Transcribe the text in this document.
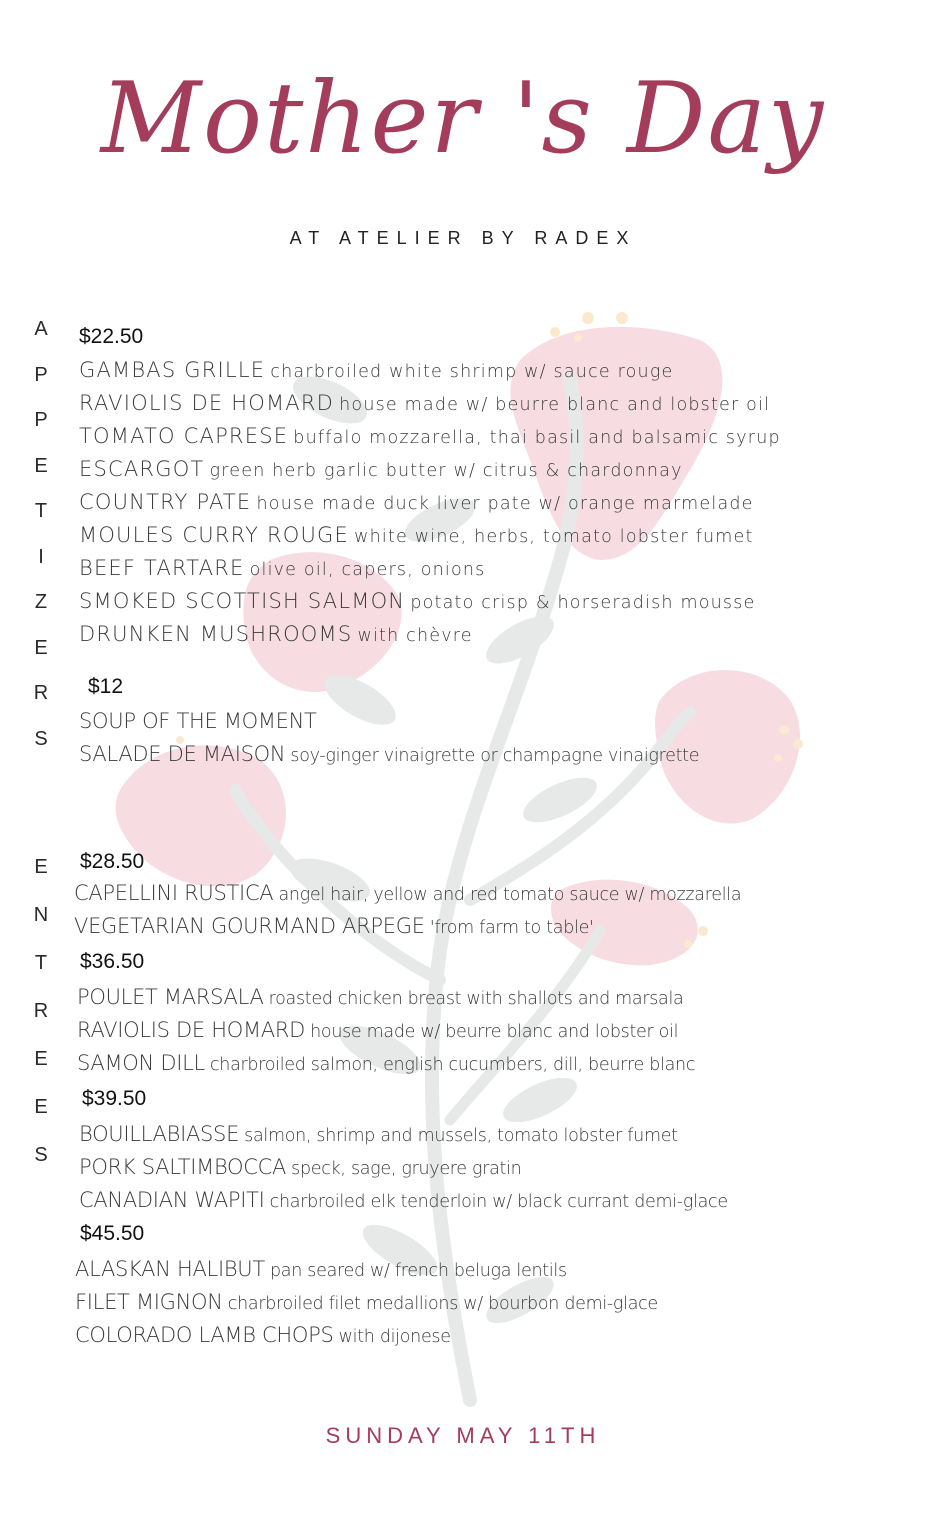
Mother 's Day
AT ATELIER BY RADEX
A
P
P
E
T
I
Z
E
R
S
E
N
T
R
E
E
S
$22.50
GAMBAS GRILLE charbroiled white shrimp w/ sauce rouge
RAVIOLIS DE HOMARD house made w/ beurre blanc and lobster oil
TOMATO CAPRESE buffalo mozzarella, thai basil and balsamic syrup
ESCARGOT green herb garlic butter w/ citrus & chardonnay
COUNTRY PATE house made duck liver pate w/ orange marmelade
MOULES CURRY ROUGE white wine, herbs, tomato lobster fumet
BEEF TARTARE olive oil, capers, onions
SMOKED SCOTTISH SALMON potato crisp & horseradish mousse
DRUNKEN MUSHROOMS with chèvre
$12
SOUP OF THE MOMENT
SALADE DE MAISON soy-ginger vinaigrette or champagne vinaigrette
$28.50
CAPELLINI RUSTICA angel hair, yellow and red tomato sauce w/ mozzarella
VEGETARIAN GOURMAND ARPEGE 'from farm to table'
$36.50
POULET MARSALA roasted chicken breast with shallots and marsala
RAVIOLIS DE HOMARD house made w/ beurre blanc and lobster oil
SAMON DILL charbroiled salmon, english cucumbers, dill, beurre blanc
$39.50
BOUILLABIASSE salmon, shrimp and mussels, tomato lobster fumet
PORK SALTIMBOCCA speck, sage, gruyere gratin
CANADIAN WAPITI charbroiled elk tenderloin w/ black currant demi-glace
$45.50
ALASKAN HALIBUT pan seared w/ french beluga lentils
FILET MIGNON charbroiled filet medallions w/ bourbon demi-glace
COLORADO LAMB CHOPS with dijonese
SUNDAY MAY 11TH
